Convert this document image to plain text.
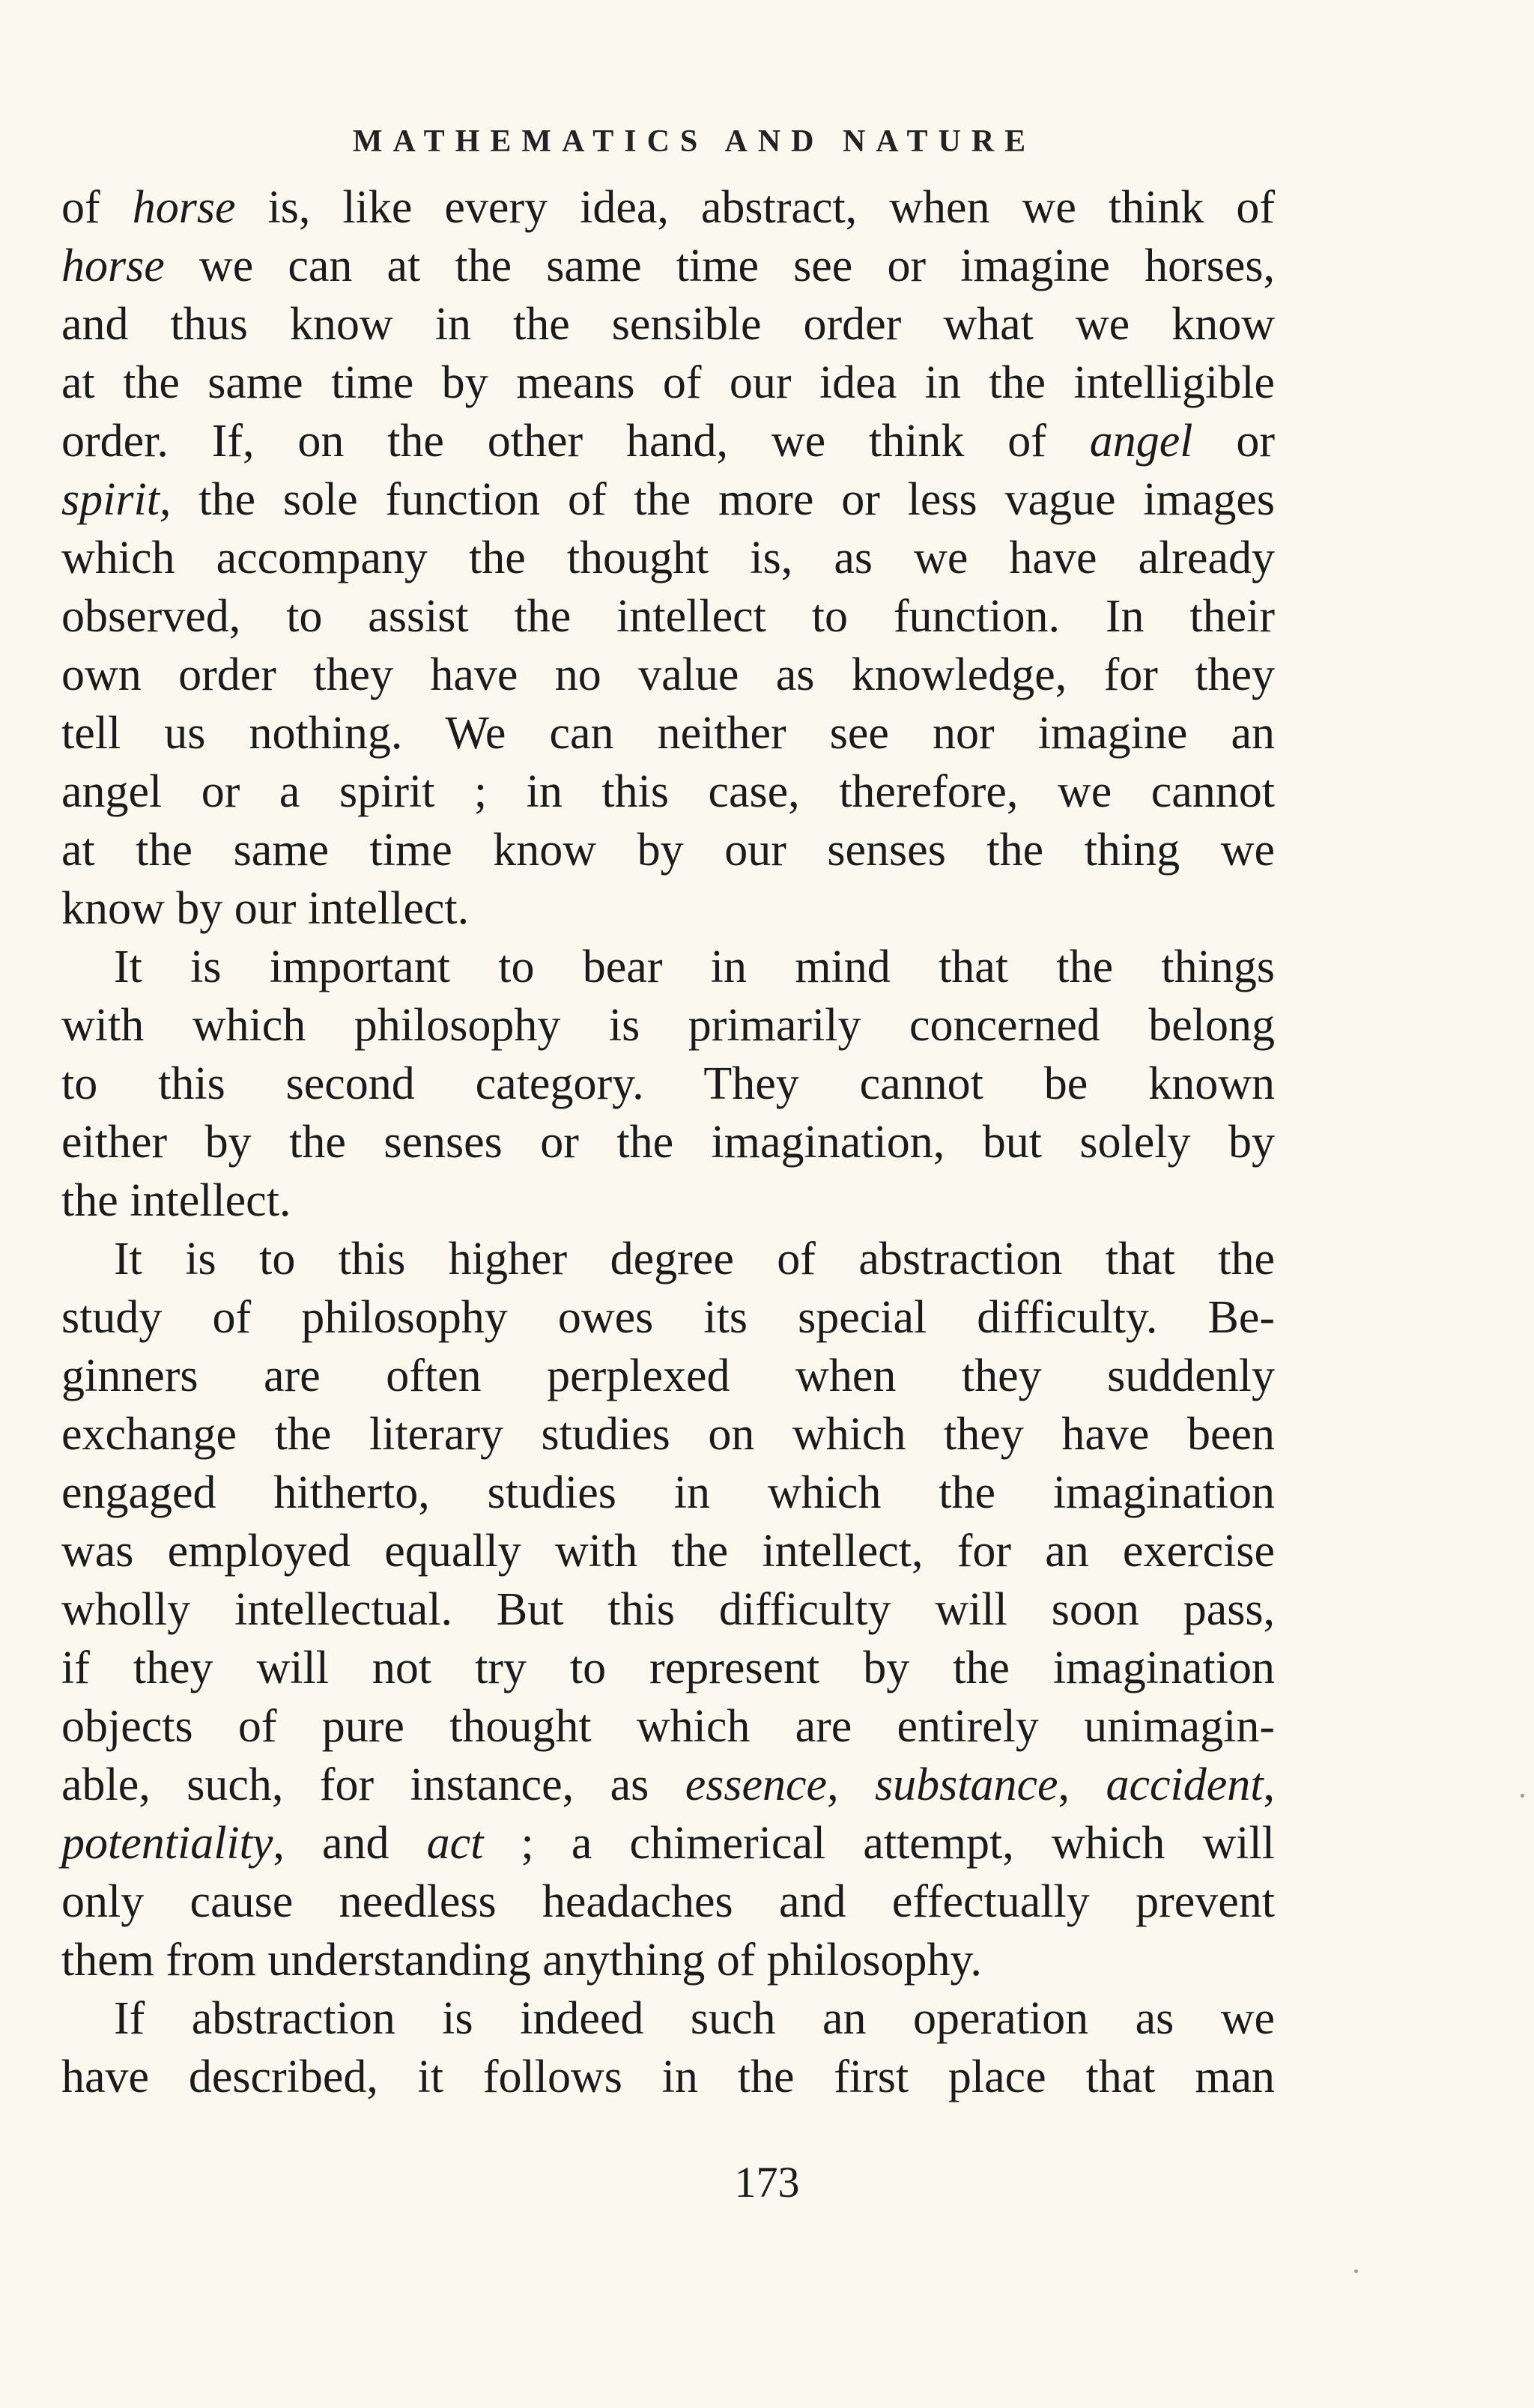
MATHEMATICS AND NATURE

of horse is, like every idea, abstract, when we think of
horse we can at the same time see or imagine horses,
and thus know in the sensible order what we know
at the same time by means of our idea in the intelligible
order. If, on the other hand, we think of angel or
spirit, the sole function of the more or less vague images
which accompany the thought is, as we have already
observed, to assist the intellect to function. In their
own order they have no value as knowledge, for they
tell us nothing. We can neither see nor imagine an
angel or a spirit ; in this case, therefore, we cannot
at the same time know by our senses the thing we
know by our intellect.

It is important to bear in mind that the things
with which philosophy is primarily concerned belong
to this second category. They cannot be known
either by the senses or the imagination, but solely by
the intellect.

It is to this higher degree of abstraction that the
study of philosophy owes its special difficulty. Be-
ginners are often perplexed when they suddenly
exchange the literary studies on which they have been
engaged hitherto, studies in which the imagination
was employed equally with the intellect, for an exercise
wholly intellectual. But this difficulty will soon pass,
if they will not try to represent by the imagination
objects of pure thought which are entirely unimagin-
able, such, for instance, as essence, substance, accident,
potentiality, and act ; a chimerical attempt, which will
only cause needless headaches and effectually prevent
them from understanding anything of philosophy.

If abstraction is indeed such an operation as we
have described, it follows in the first place that man

173
